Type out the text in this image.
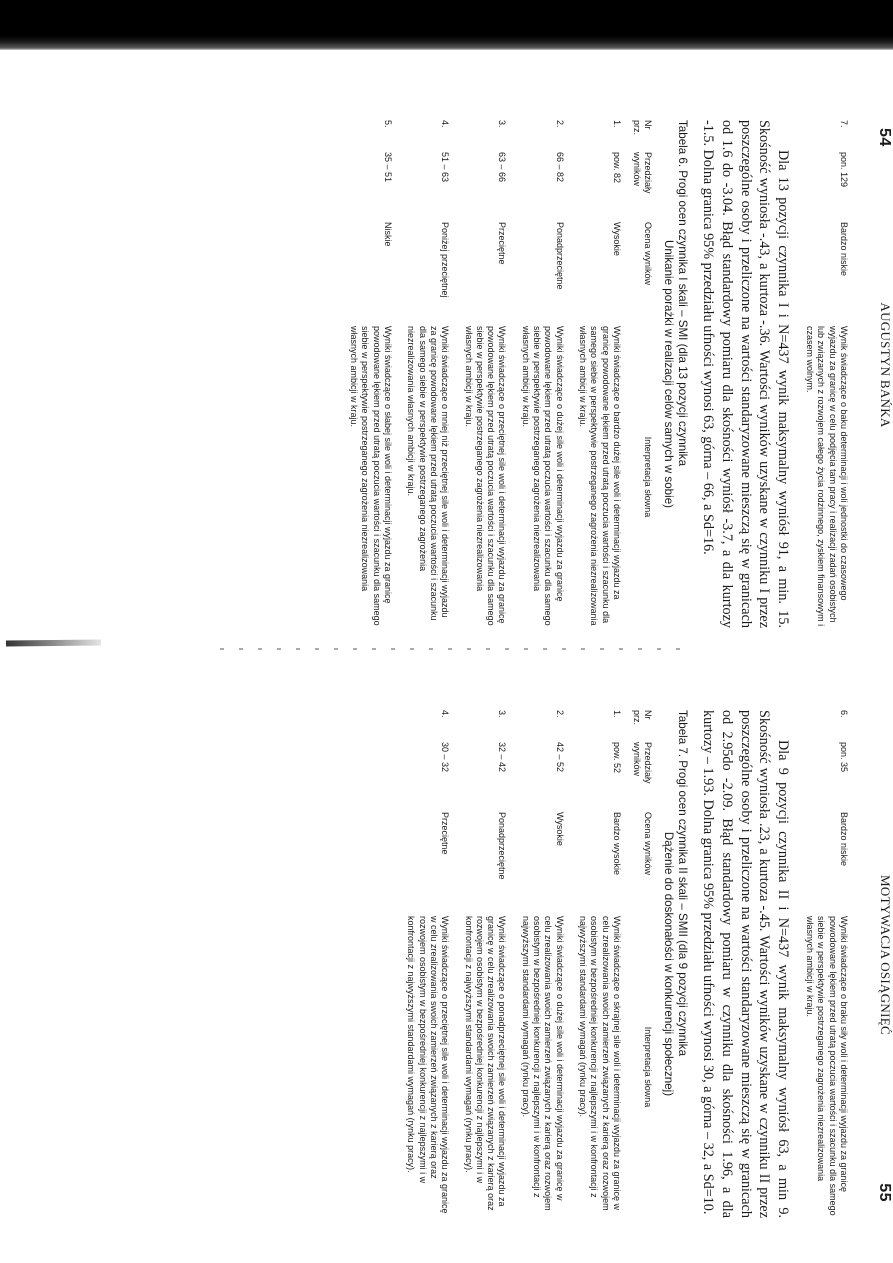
54
AUGUSTYN BAŃKA
7.
pon. 129
Bardzo niskie
Wynik świadczące o baku determinacji i woli jednostki do czasowego wyjazdu za granicę w celu podjęcia tam pracy i realizacji zadań osobistych lub związanych z rozwojem całego życia rodzinnego, zyskiem finansowym i czasem wolnym.

Dla 13 pozycji czynnika I i N=437 wynik maksymalny wyniósł 91, a min. 15. Skośność wyniosła -.43, a kurtoza -.36. Wartości wyników uzyskane w czynniku I przez poszczególne osoby i przeliczone na wartości standaryzowane mieszczą się w granicach od 1.6 do -3.04. Błąd standardowy pomiaru dla skośności wyniósł -3.7, a dla kurtozy -1.5. Dolna granica 95% przedziału ufności wynosi 63, górna – 66, a Sd=16.

Tabela 6. Progi ocen czynnika I skali – SMI (dla 13 pozycji czynnika
Unikanie porażki w realizacji celów samych w sobie)
Nr prz.
Przedziały wyników
Ocena wyników
Interpretacja słowna
1.
pow. 82
Wysokie
Wyniki świadczące o bardzo dużej sile woli i determinacji wyjazdu za granicę powodowane lękiem przed utratą poczucia wartości i szacunku dla samego siebie w perspektywie postrzeganego zagrożenia niezrealizowania własnych ambicji w kraju.
2.
66 – 82
Ponadprzeciętne
Wyniki świadczące o dużej sile woli i determinacji wyjazdu za granicę powodowane lękiem przed utratą poczucia wartości i szacunku dla samego siebie w perspektywie postrzeganego zagrożenia niezrealizowania własnych ambicji w kraju.
3.
63 – 66
Przeciętne
Wyniki świadczące o przeciętnej sile woli i determinacji wyjazdu za granicę powodowane lękiem przed utratą poczucia wartości i szacunku dla samego siebie w perspektywie postrzeganego zagrożenia niezrealizowania własnych ambicji w kraju.
4.
51 – 63
Poniżej przeciętnej
Wyniki świadczące o mniej niż przeciętnej sile woli i determinacji wyjazdu za granicę powodowane lękiem przed utratą poczucia wartości i szacunku dla samego siebie w perspektywie postrzeganego zagrożenia niezrealizowania własnych ambicji w kraju.
5.
35 – 51
Niskie
Wyniki świadczące o słabej sile woli i determinacji wyjazdu za granicę powodowane lękiem przed utratą poczucia wartości i szacunku dla samego siebie w perspektywie postrzeganego zagrożenia niezrealizowania własnych ambicji w kraju.
MOTYWACJA OSIĄGNIĘĆ
55
6.
pon. 35
Bardzo niskie
Wyniki świadczące o braku siły woli i determinacji wyjazdu za granicę powodowane lękiem przed utratą poczucia wartości i szacunku dla samego siebie w perspektywie postrzeganego zagrożenia niezrealizowania własnych ambicji w kraju.

Dla 9 pozycji czynnika II i N=437 wynik maksymalny wyniósł 63, a min 9. Skośność wyniosła .23, a kurtoza -.45. Wartości wyników uzyskane w czynniku II przez poszczególne osoby i przeliczone na wartości standaryzowane mieszczą się w granicach od 2.95do -2.09. Błąd standardowy pomiaru w czynniku dla skośności 1.96, a dla kurtozy – 1.93. Dolna granica 95% przedziału ufności wynosi 30, a górna – 32, a Sd=10.

Tabela 7. Progi ocen czynnika II skali – SMII (dla 9 pozycji czynnika
Dążenie do doskonałości w konkurencji społecznej)
Nr prz.
Przedziały wyników
Ocena wyników
Interpretacja słowna
1.
pow. 52
Bardzo wysokie
Wyniki świadczące o skrajnej sile woli i determinacji wyjazdu za granicę w celu zrealizowania swoich zamierzeń związanych z karierą oraz rozwojem osobistym w bezpośredniej konkurencji z najlepszymi i w konfrontacji z najwyższymi standardami wymagań (rynku pracy).
2.
42 – 52
Wysokie
Wyniki świadczące o dużej sile woli i determinacji wyjazdu za granicę w celu zrealizowania swoich zamierzeń związanych z karierą oraz rozwojem osobistym w bezpośredniej konkurencji z najlepszymi i w konfrontacji z najwyższymi standardami wymagań (rynku pracy).
3.
32 – 42
Ponadprzeciętne
Wyniki świadczące o ponadprzeciętnej sile woli i determinacji wyjazdu za granicę w celu zrealizowania swoich zamierzeń związanych z karierą oraz rozwojem osobistym w bezpośredniej konkurencji z najlepszymi i w konfrontacji z najwyższymi standardami wymagań (rynku pracy).
4.
30 – 32
Przeciętne
Wyniki świadczące o przeciętnej sile woli i determinacji wyjazdu za granicę w celu zrealizowania swoich zamierzeń związanych z karierą oraz rozwojem osobistym w bezpośredniej konkurencji z najlepszymi i w konfrontacji z najwyższymi standardami wymagań (rynku pracy).
